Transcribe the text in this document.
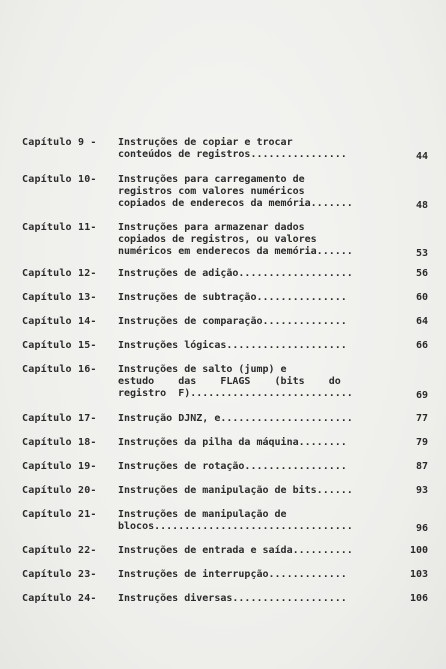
Capítulo 9 - Instruções de copiar e trocar
conteúdos de registros................	44
Capítulo 10- Instruções para carregamento de
registros com valores numéricos
copiados de enderecos da memória.......	48
Capítulo 11- Instruções para armazenar dados
copiados de registros, ou valores
numéricos em enderecos da memória......	53
Capítulo 12- Instruções de adição...................	56
Capítulo 13- Instruções de subtração...............	60
Capítulo 14- Instruções de comparação..............	64
Capítulo 15- Instruções lógicas....................	66
Capítulo 16- Instruções de salto (jump) e
estudo    das    FLAGS    (bits    do
registro  F)...........................	69
Capítulo 17- Instrução DJNZ, e......................	77
Capítulo 18- Instruções da pilha da máquina........	79
Capítulo 19- Instruções de rotação.................	87
Capítulo 20- Instruções de manipulação de bits......	93
Capítulo 21- Instruções de manipulação de
blocos.................................	96
Capítulo 22- Instruções de entrada e saída..........	100
Capítulo 23- Instruções de interrupção.............	103
Capítulo 24- Instruções diversas...................	106
